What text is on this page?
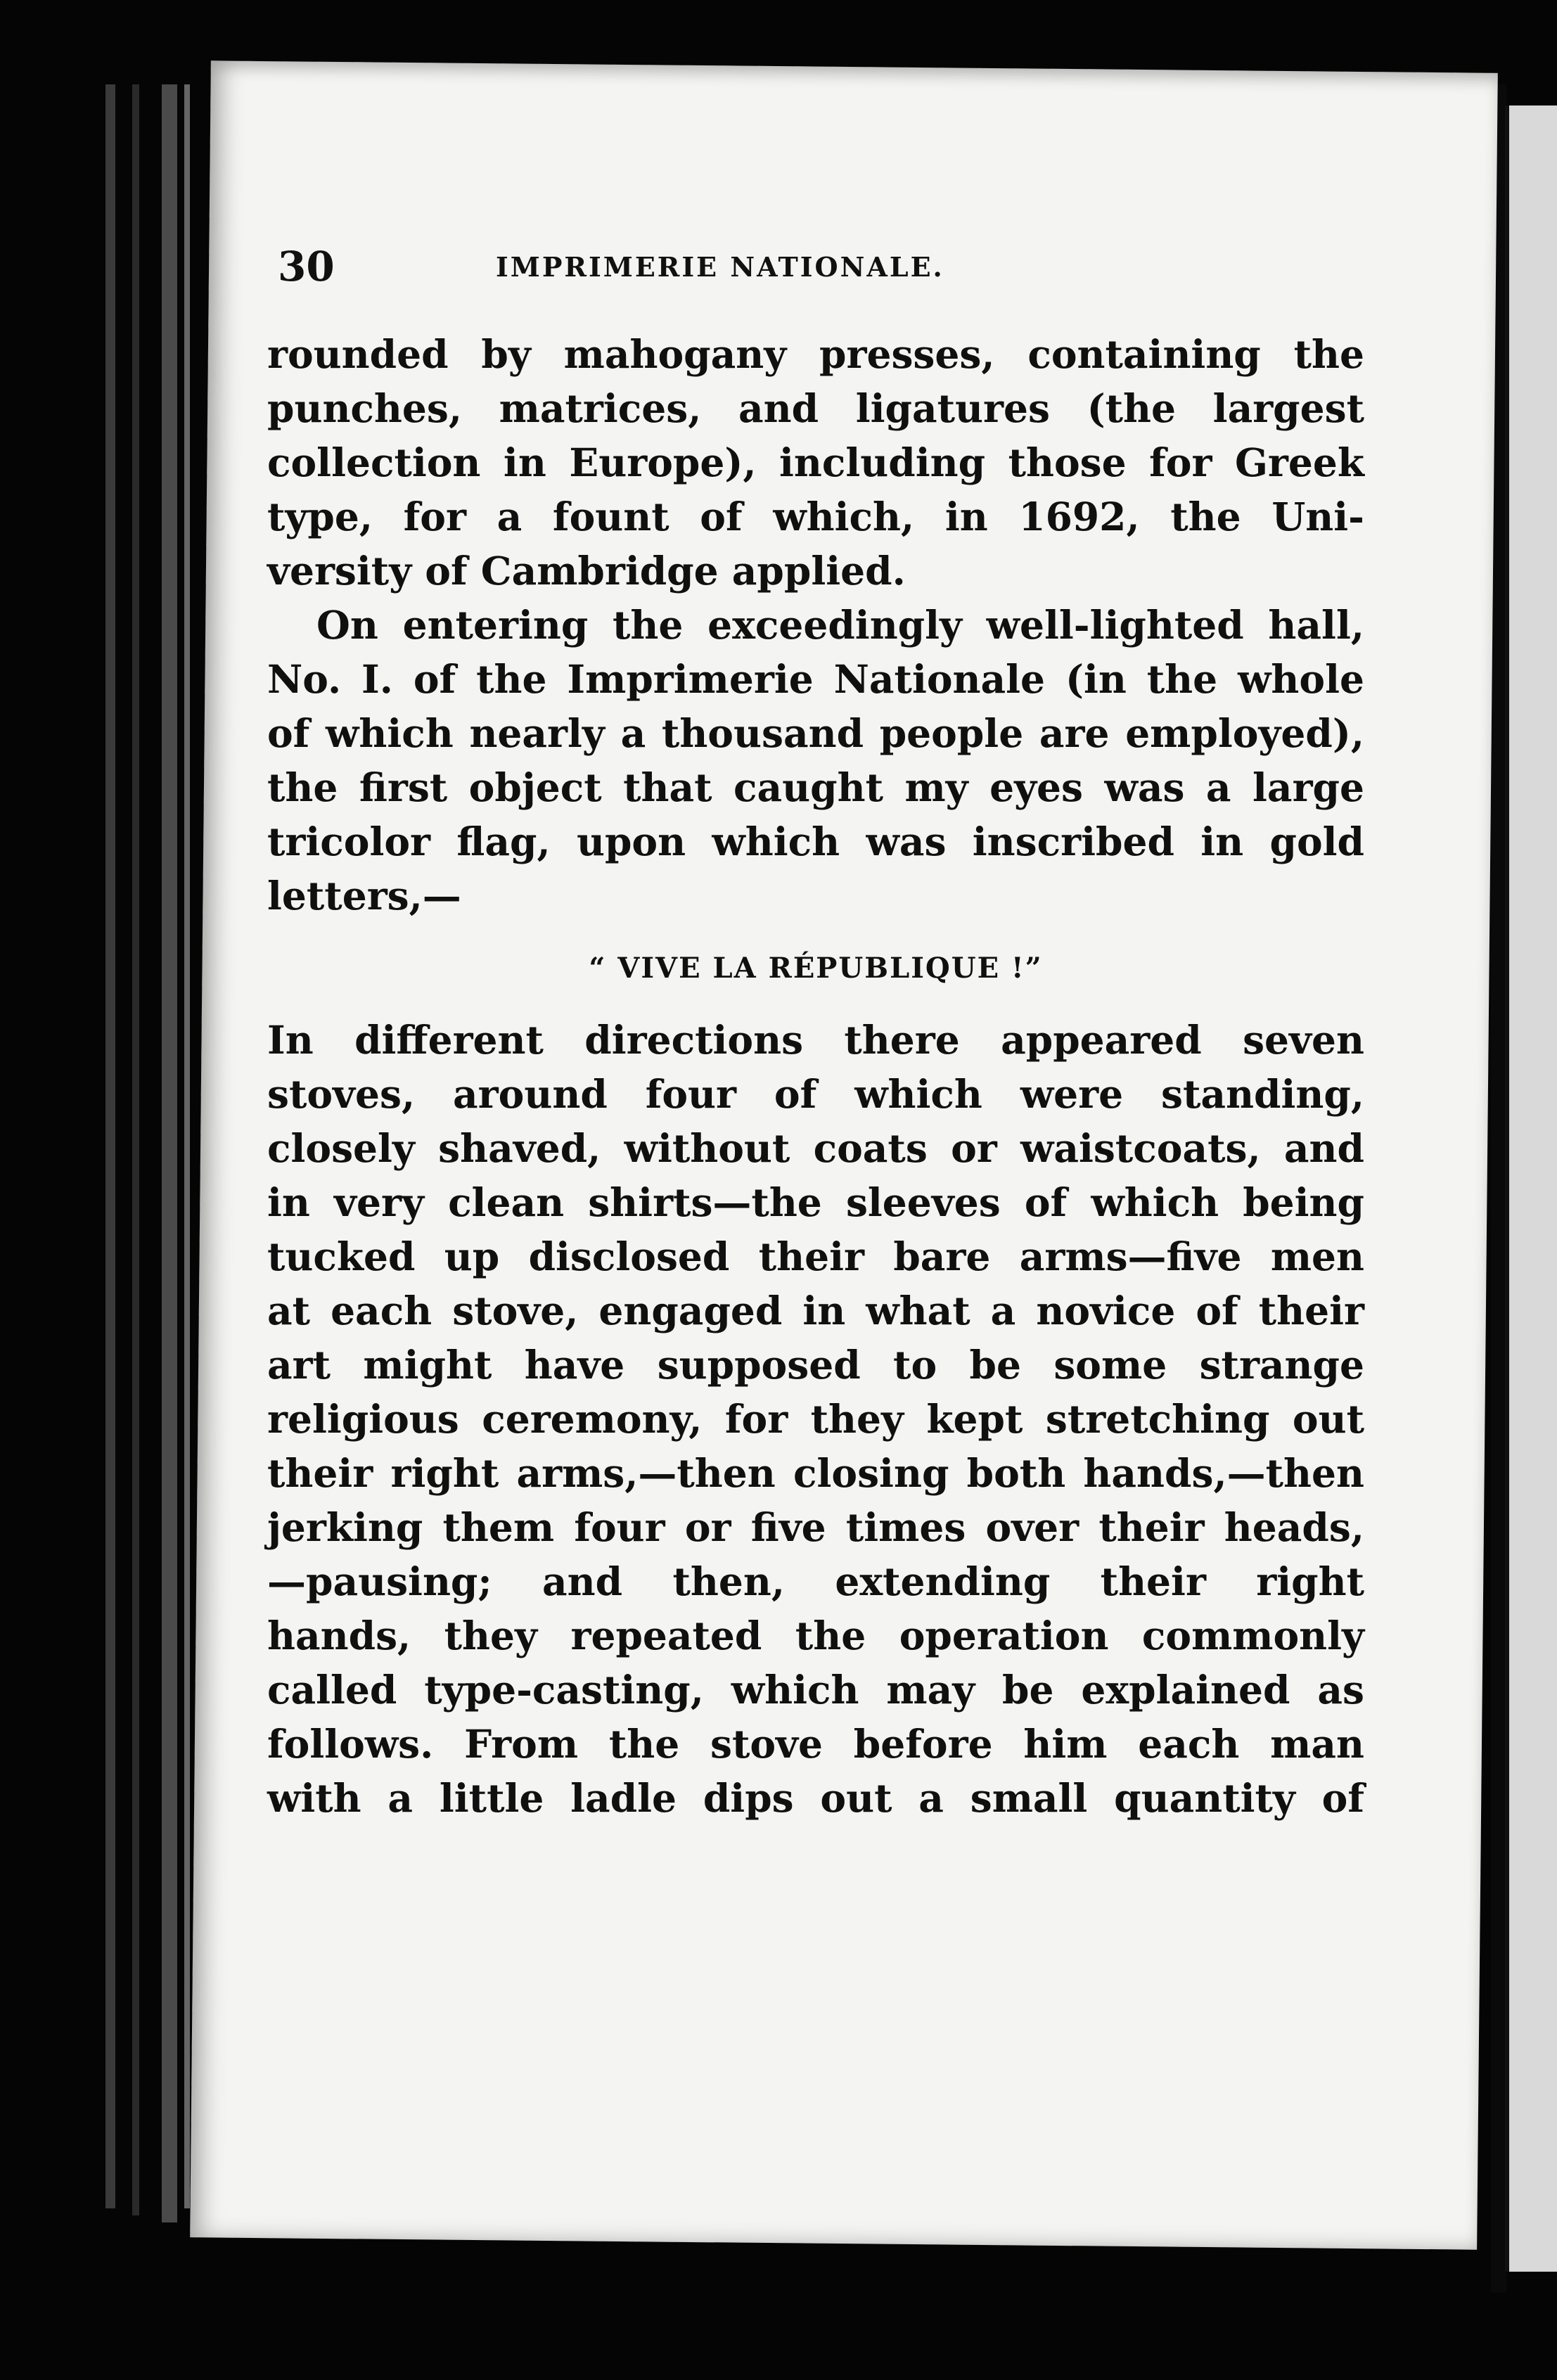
30	IMPRIMERIE NATIONALE.
rounded by mahogany presses, containing the
punches, matrices, and ligatures (the largest
collection in Europe), including those for Greek
type, for a fount of which, in 1692, the Uni-
versity of Cambridge applied.
On entering the exceedingly well-lighted hall,
No. I. of the Imprimerie Nationale (in the whole
of which nearly a thousand people are employed),
the first object that caught my eyes was a large
tricolor flag, upon which was inscribed in gold
letters,—
“ VIVE LA RÉPUBLIQUE !”
In different directions there appeared seven
stoves, around four of which were standing,
closely shaved, without coats or waistcoats, and
in very clean shirts—the sleeves of which being
tucked up disclosed their bare arms—five men
at each stove, engaged in what a novice of their
art might have supposed to be some strange
religious ceremony, for they kept stretching out
their right arms,—then closing both hands,—then
jerking them four or five times over their heads,
—pausing; and then, extending their right
hands, they repeated the operation commonly
called type-casting, which may be explained as
follows. From the stove before him each man
with a little ladle dips out a small quantity of
